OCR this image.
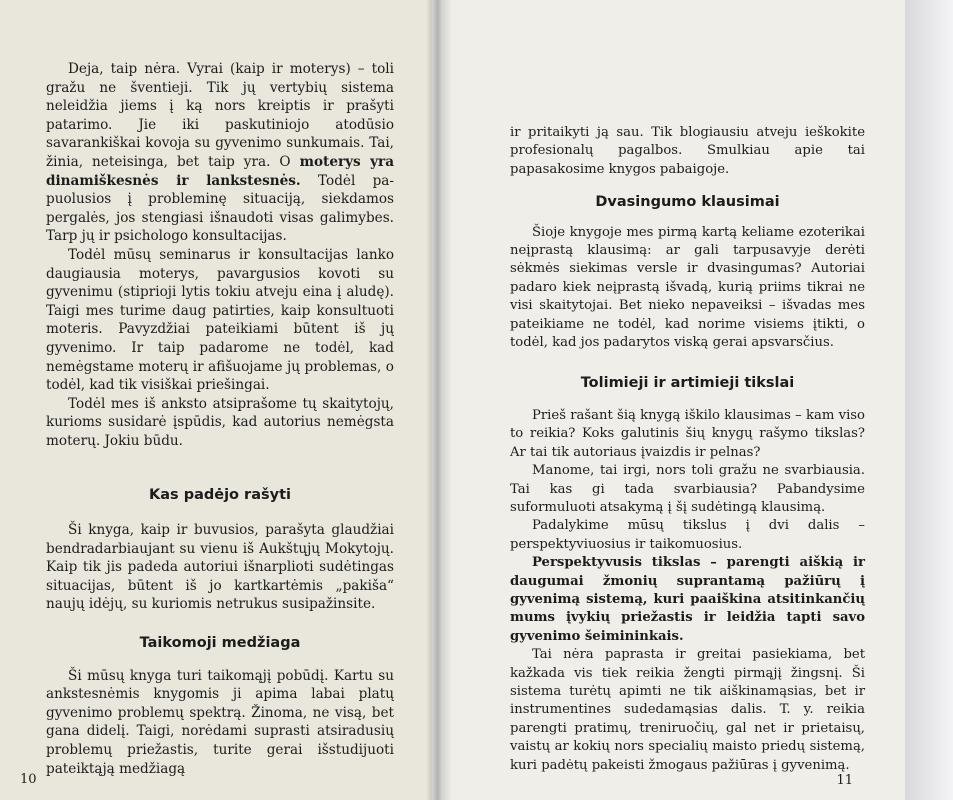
Deja, taip nėra. Vyrai (kaip ir moterys) – toli gražu ne šventieji. Tik jų vertybių sistema neleidžia jiems į ką nors kreiptis ir prašyti patarimo. Jie iki paskutiniojo atodūsio savarankiškai kovoja su gyvenimo sunkumais. Tai, žinia, neteisinga, bet taip yra. O moterys yra dinamiškesnės ir lankstesnės. Todėl pa-puolusios į probleminę situaciją, siekdamos pergalės, jos stengiasi išnaudoti visas galimybes. Tarp jų ir psichologo konsultacijas.

Todėl mūsų seminarus ir konsultacijas lanko daugiausia moterys, pavargusios kovoti su gyvenimu (stiprioji lytis tokiu atveju eina į aludę). Taigi mes turime daug patirties, kaip konsultuoti moteris. Pavyzdžiai pateikiami būtent iš jų gyvenimo. Ir taip padarome ne todėl, kad nemėgstame moterų ir afišuojame jų problemas, o todėl, kad tik visiškai priešingai.

Todėl mes iš anksto atsiprašome tų skaitytojų, kurioms susidarė įspūdis, kad autorius nemėgsta moterų. Jokiu būdu.

Kas padėjo rašyti

Ši knyga, kaip ir buvusios, parašyta glaudžiai bendradarbiaujant su vienu iš Aukštųjų Mokytojų. Kaip tik jis padeda autoriui išnarplioti sudėtingas situacijas, būtent iš jo kartkartėmis „pakiša“ naujų idėjų, su kuriomis netrukus susipažinsite.

Taikomoji medžiaga

Ši mūsų knyga turi taikomąjį pobūdį. Kartu su ankstesnėmis knygomis ji apima labai platų gyvenimo problemų spektrą. Žinoma, ne visą, bet gana didelį. Taigi, norėdami suprasti atsiradusių problemų priežastis, turite gerai išstudijuoti pateiktąją medžiagą

10

ir pritaikyti ją sau. Tik blogiausiu atveju ieškokite profesionalų pagalbos. Smulkiau apie tai papasakosime knygos pabaigoje.

Dvasingumo klausimai

Šioje knygoje mes pirmą kartą keliame ezoterikai neįprastą klausimą: ar gali tarpusavyje derėti sėkmės siekimas versle ir dvasingumas? Autoriai padaro kiek neįprastą išvadą, kurią priims tikrai ne visi skaitytojai. Bet nieko nepaveiksi – išvadas mes pateikiame ne todėl, kad norime visiems įtikti, o todėl, kad jos padarytos viską gerai apsvarsčius.

Tolimieji ir artimieji tikslai

Prieš rašant šią knygą iškilo klausimas – kam viso to reikia? Koks galutinis šių knygų rašymo tikslas? Ar tai tik autoriaus įvaizdis ir pelnas?

Manome, tai irgi, nors toli gražu ne svarbiausia. Tai kas gi tada svarbiausia? Pabandysime suformuluoti atsakymą į šį sudėtingą klausimą.

Padalykime mūsų tikslus į dvi dalis – perspektyviuosius ir taikomuosius.

Perspektyvusis tikslas – parengti aiškią ir daugumai žmonių suprantamą pažiūrų į gyvenimą sistemą, kuri paaiškina atsitinkančių mums įvykių priežastis ir leidžia tapti savo gyvenimo šeimininkais.

Tai nėra paprasta ir greitai pasiekiama, bet kažkada vis tiek reikia žengti pirmąjį žingsnį. Ši sistema turėtų apimti ne tik aiškinamąsias, bet ir instrumentines sudedamąsias dalis. T. y. reikia parengti pratimų, treniruočių, gal net ir prietaisų, vaistų ar kokių nors specialių maisto priedų sistemą, kuri padėtų pakeisti žmogaus pažiūras į gyvenimą.

11
